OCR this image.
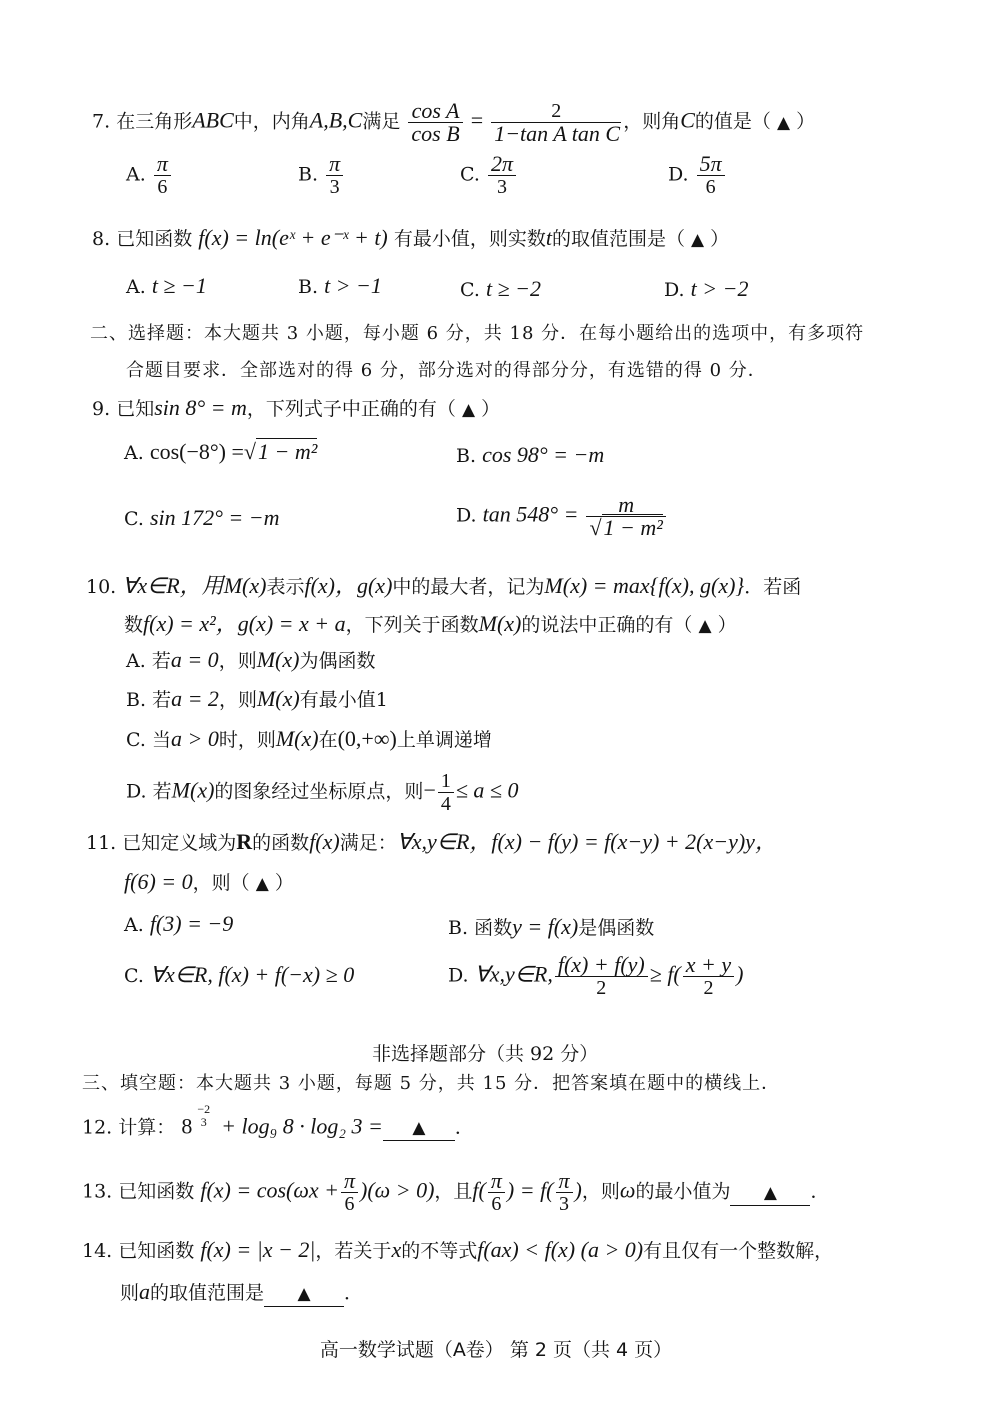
7. 在三角形ABC中，内角A,B,C满足 $\frac{\text{cos A}}{\text{cos B}} = \frac{2}{\text{1−tan A tan C}}$ ，则角C的值是（ ▲ ）
A. $\frac{\pi}{6}$	B. $\frac{\pi}{3}$	C. $\frac{2\pi}{3}$	D. $\frac{5\pi}{6}$
8. 已知函数 f(x) = ln(eˣ + e⁻ˣ + t) 有最小值，则实数t的取值范围是（ ▲ ）
A. t ≥ −1	B. t > −1	C. t ≥ −2	D. t > −2
二、选择题：本大题共 3 小题，每小题 6 分，共 18 分．在每小题给出的选项中，有多项符
合题目要求．全部选对的得 6 分，部分选对的得部分分，有选错的得 0 分．
9. 已知sin 8° = m，下列式子中正确的有（ ▲ ）
A. cos(−8°) =√1 − m²	B. cos 98° = −m
C. sin 172° = −m	D. $\tan 548^\circ = \frac{m}{\text{√1 − m²}}$
10. ∀x∈R，用M(x)表示f(x)，g(x)中的最大者，记为M(x) = max{f(x), g(x)}．若函
数f(x) = x²，g(x) = x + a，下列关于函数M(x)的说法中正确的有（ ▲ ）
A. 若a = 0，则M(x)为偶函数
B. 若a = 2，则M(x)有最小值1
C. 当a > 0时，则M(x)在(0,+∞)上单调递增
D. 若M(x)的图象经过坐标原点，则− $\frac{1}{4} \le a \le 0$
11. 已知定义域为R的函数f(x)满足：∀x,y∈R，f(x) − f(y) = f(x−y) + 2(x−y)y，
f(6) = 0，则（ ▲ ）
A. f(3) = −9	B. 函数y = f(x)是偶函数
C. ∀x∈R, f(x) + f(−x) ≥ 0	D. ∀x,y∈R, $\frac{f(x) + f(y)}{2} \ge f( \frac{x + y}{2}$ )
非选择题部分（共 92 分）
三、填空题：本大题共 3 小题，每题 5 分，共 15 分．把答案填在题中的横线上．
12. 计算： 8
−2
3 + log₉ 8 · log₂ 3 = ▲ ．
13. 已知函数 $f(x) = \cos(\omega x + \frac{\pi}{6} )(\omega > 0)$，且$f( \frac{\pi}{6}$ ) = $f( \frac{\pi}{3}$ )，则ω的最小值为 ▲ ．
14. 已知函数 f(x) = |x − 2|，若关于x的不等式f(ax) < f(x) (a > 0)有且仅有一个整数解，
则a的取值范围是 ▲ ．
高一数学试题（A卷） 第 2 页（共 4 页）
